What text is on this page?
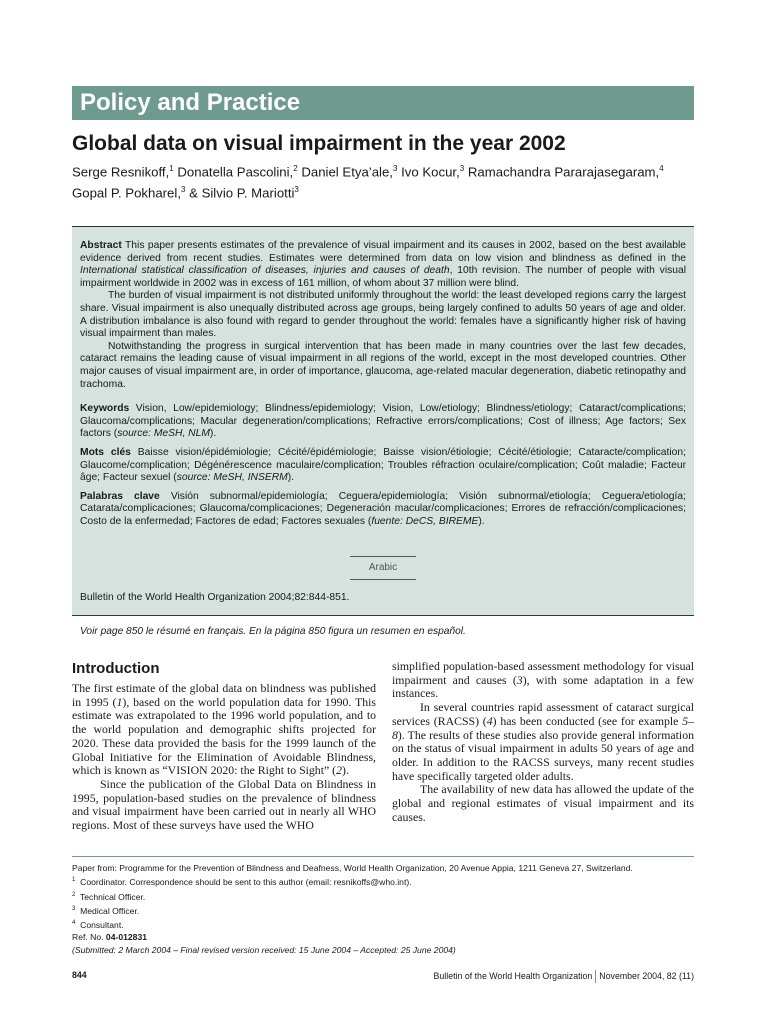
Policy and Practice
Global data on visual impairment in the year 2002
Serge Resnikoff,$^1$ Donatella Pascolini,$^2$ Daniel Etya’ale,$^3$ Ivo Kocur,$^3$ Ramachandra Pararajasegaram,$^4$
Gopal P. Pokharel,$^3$ & Silvio P. Mariotti$^3$

Abstract This paper presents estimates of the prevalence of visual impairment and its causes in 2002, based on the best available evidence derived from recent studies. Estimates were determined from data on low vision and blindness as defined in the International statistical classification of diseases, injuries and causes of death, 10th revision. The number of people with visual impairment worldwide in 2002 was in excess of 161 million, of whom about 37 million were blind.

The burden of visual impairment is not distributed uniformly throughout the world: the least developed regions carry the largest share. Visual impairment is also unequally distributed across age groups, being largely confined to adults 50 years of age and older. A distribution imbalance is also found with regard to gender throughout the world: females have a significantly higher risk of having visual impairment than males.

Notwithstanding the progress in surgical intervention that has been made in many countries over the last few decades, cataract remains the leading cause of visual impairment in all regions of the world, except in the most developed countries. Other major causes of visual impairment are, in order of importance, glaucoma, age-related macular degeneration, diabetic retinopathy and trachoma.

Keywords Vision, Low/epidemiology; Blindness/epidemiology; Vision, Low/etiology; Blindness/etiology; Cataract/complications; Glaucoma/complications; Macular degeneration/complications; Refractive errors/complications; Cost of illness; Age factors; Sex factors (source: MeSH, NLM).

Mots clés Baisse vision/épidémiologie; Cécité/épidémiologie; Baisse vision/étiologie; Cécité/étiologie; Cataracte/complication; Glaucome/complication; Dégénérescence maculaire/complication; Troubles réfraction oculaire/complication; Coût maladie; Facteur âge; Facteur sexuel (source: MeSH, INSERM).

Palabras clave Visión subnormal/epidemiología; Ceguera/epidemiología; Visión subnormal/etiología; Ceguera/etiología; Catarata/complicaciones; Glaucoma/complicaciones; Degeneración macular/complicaciones; Errores de refracción/complicaciones; Costo de la enfermedad; Factores de edad; Factores sexuales (fuente: DeCS, BIREME).

Arabic
Bulletin of the World Health Organization 2004;82:844-851.
Voir page 850 le résumé en français. En la página 850 figura un resumen en español.
Introduction

The first estimate of the global data on blindness was published in 1995 (1), based on the world population data for 1990. This estimate was extrapolated to the 1996 world population, and to the world population and demographic shifts projected for 2020. These data provided the basis for the 1999 launch of the Global Initiative for the Elimination of Avoidable Blindness, which is known as “VISION 2020: the Right to Sight” (2).

Since the publication of the Global Data on Blindness in 1995, population-based studies on the prevalence of blindness and visual impairment have been carried out in nearly all WHO regions. Most of these surveys have used the WHO

simplified population-based assessment methodology for visual impairment and causes (3), with some adaptation in a few instances.

In several countries rapid assessment of cataract surgical services (RACSS) (4) has been conducted (see for example 5–8). The results of these studies also provide general information on the status of visual impairment in adults 50 years of age and older. In addition to the RACSS surveys, many recent studies have specifically targeted older adults.

The availability of new data has allowed the update of the global and regional estimates of visual impairment and its causes.

Paper from: Programme for the Prevention of Blindness and Deafness, World Health Organization, 20 Avenue Appia, 1211 Geneva 27, Switzerland.

$^1$  Coordinator. Correspondence should be sent to this author (email: resnikoffs@who.int).

$^2$  Technical Officer.

$^3$  Medical Officer.

$^4$  Consultant.

Ref. No. 04-012831

(Submitted: 2 March 2004 – Final revised version received: 15 June 2004 – Accepted: 25 June 2004)

844	Bulletin of the World Health Organization November 2004, 82 (11)
